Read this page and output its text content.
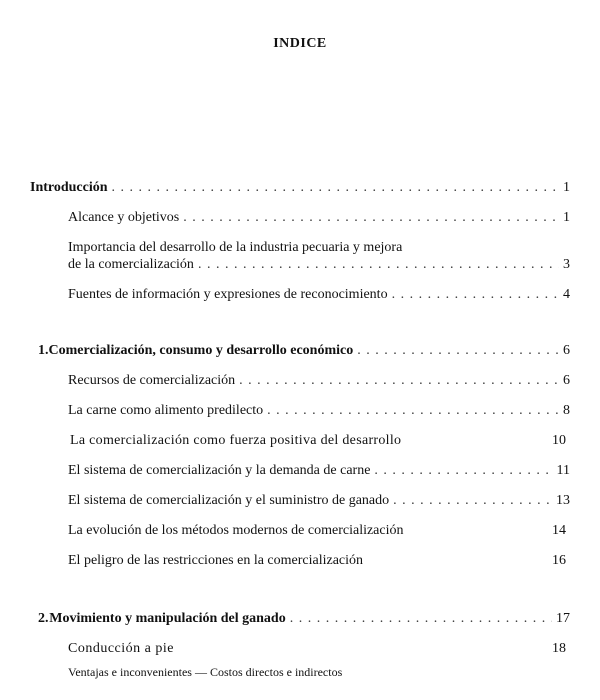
INDICE
Introducción . . .	1
Alcance y objetivos . . .	1
Importancia del desarrollo de la industria pecuaria y mejora
de la comercialización . . .	3
Fuentes de información y expresiones de reconocimiento . . .	4
1. Comercialización, consumo y desarrollo económico . . .	6
Recursos de comercialización . . .	6
La carne como alimento predilecto . . .	8
La comercialización como fuerza positiva del desarrollo	10
El sistema de comercialización y la demanda de carne . . .	11
El sistema de comercialización y el suministro de ganado . . .	13
La evolución de los métodos modernos de comercialización	14
El peligro de las restricciones en la comercialización	16
2. Movimiento y manipulación del ganado . . .	17
Conducción a pie	18
Ventajas e inconvenientes — Costos directos e indirectos
